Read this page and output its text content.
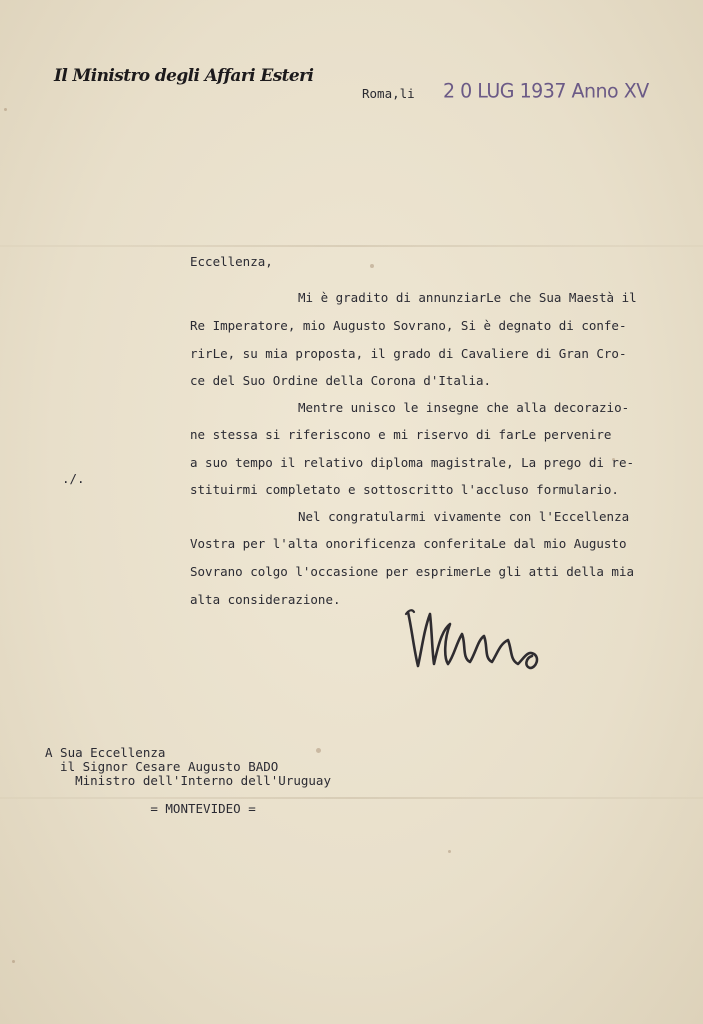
Il Ministro degli Affari Esteri
Roma,li 2 0 LUG 1937 Anno XV
Eccellenza,
Mi è gradito di annunziarLe che Sua Maestà il
Re Imperatore, mio Augusto Sovrano, Si è degnato di confe-
rirLe, su mia proposta, il grado di Cavaliere di Gran Cro-
ce del Suo Ordine della Corona d'Italia.
Mentre unisco le insegne che alla decorazio-
ne stessa si riferiscono e mi riservo di farLe pervenire
a suo tempo il relativo diploma magistrale, La prego di re-
stituirmi completato e sottoscritto l'accluso formulario.
Nel congratularmi vivamente con l'Eccellenza
Vostra per l'alta onorificenza conferitaLe dal mio Augusto
Sovrano colgo l'occasione per esprimerLe gli atti della mia
alta considerazione.
./.
A Sua Eccellenza
il Signor Cesare Augusto BADO
Ministro dell'Interno dell'Uruguay
= MONTEVIDEO =
